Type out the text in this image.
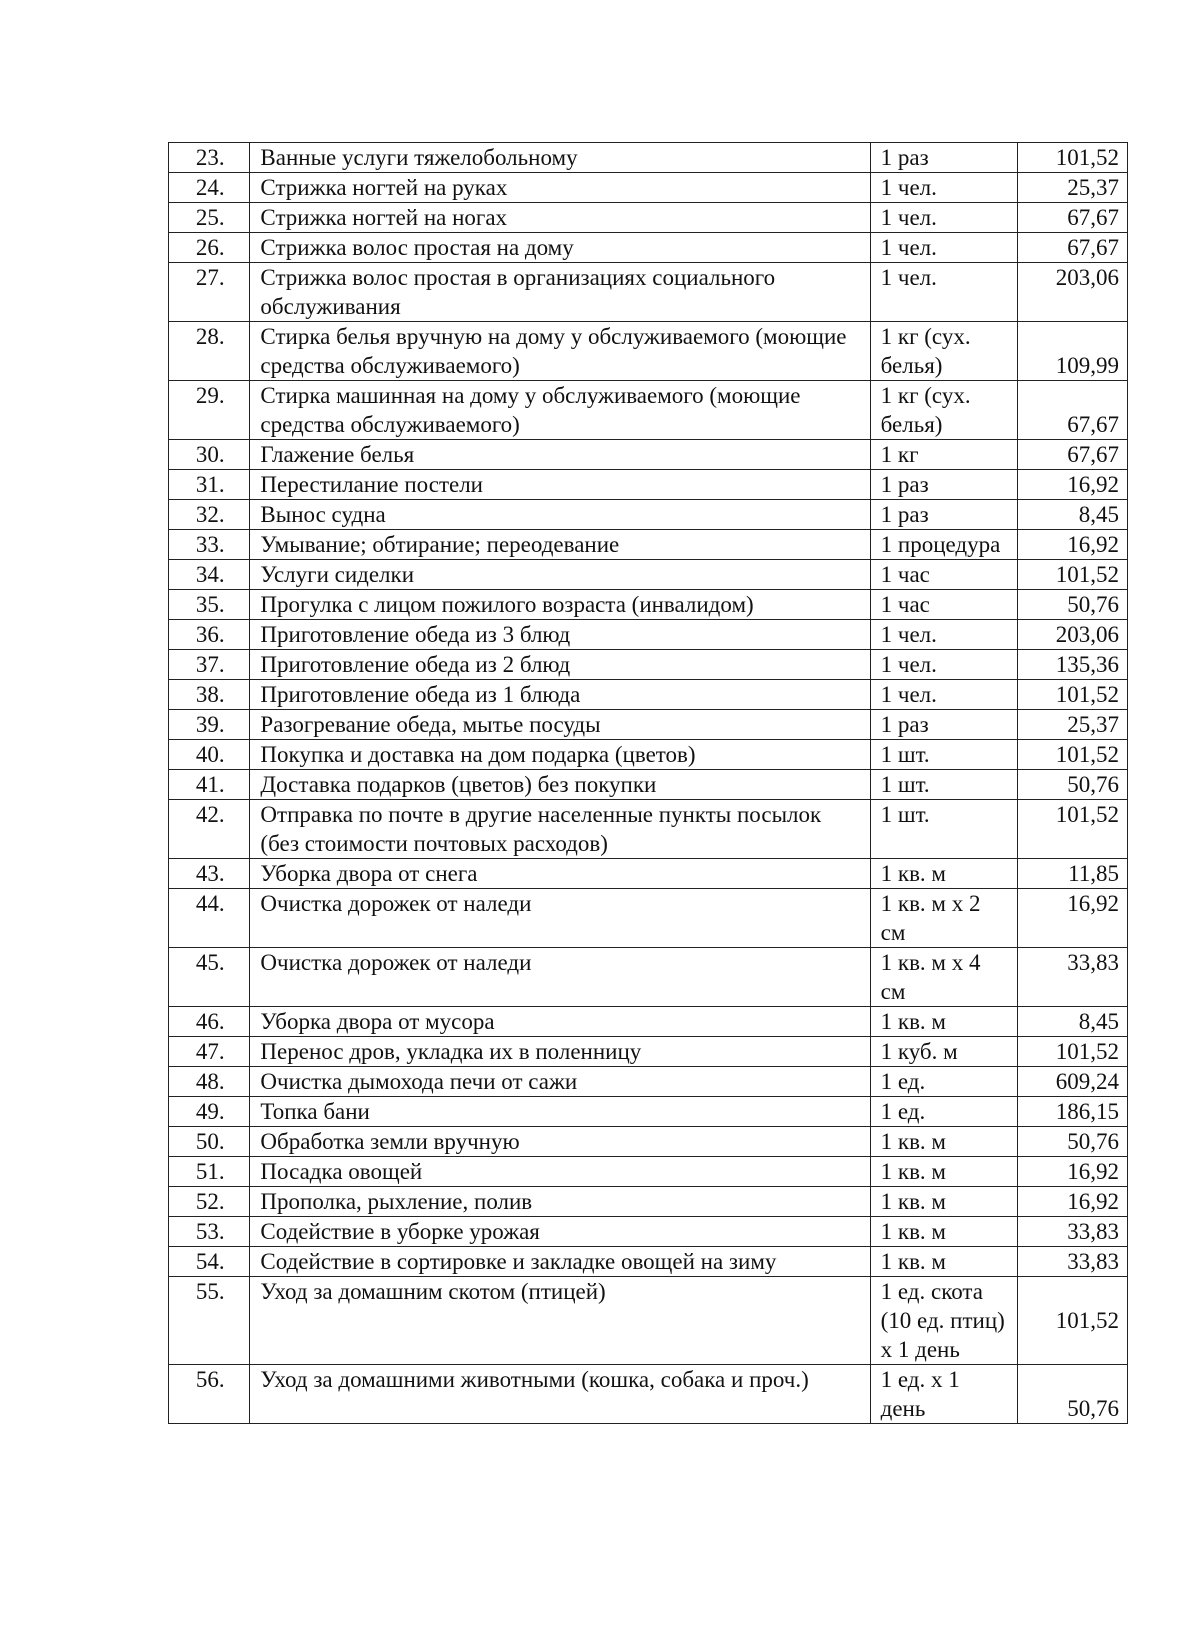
23.	Ванные услуги тяжелобольному	1 раз	101,52
24.	Стрижка ногтей на руках	1 чел.	25,37
25.	Стрижка ногтей на ногах	1 чел.	67,67
26.	Стрижка волос простая на дому	1 чел.	67,67
27.	Стрижка волос простая в организациях социального обслуживания	1 чел.	203,06
28.	Стирка белья вручную на дому у обслуживаемого (моющие средства обслуживаемого)	1 кг (сух. белья)	109,99
29.	Стирка машинная на дому у обслуживаемого (моющие средства обслуживаемого)	1 кг (сух. белья)	67,67
30.	Глажение белья	1 кг	67,67
31.	Перестилание постели	1 раз	16,92
32.	Вынос судна	1 раз	8,45
33.	Умывание; обтирание; переодевание	1 процедура	16,92
34.	Услуги сиделки	1 час	101,52
35.	Прогулка с лицом пожилого возраста (инвалидом)	1 час	50,76
36.	Приготовление обеда из 3 блюд	1 чел.	203,06
37.	Приготовление обеда из 2 блюд	1 чел.	135,36
38.	Приготовление обеда из 1 блюда	1 чел.	101,52
39.	Разогревание обеда, мытье посуды	1 раз	25,37
40.	Покупка и доставка на дом подарка (цветов)	1 шт.	101,52
41.	Доставка подарков (цветов) без покупки	1 шт.	50,76
42.	Отправка по почте в другие населенные пункты посылок (без стоимости почтовых расходов)	1 шт.	101,52
43.	Уборка двора от снега	1 кв. м	11,85
44.	Очистка дорожек от наледи	1 кв. м х 2 см	16,92
45.	Очистка дорожек от наледи	1 кв. м х 4 см	33,83
46.	Уборка двора от мусора	1 кв. м	8,45
47.	Перенос дров, укладка их в поленницу	1 куб. м	101,52
48.	Очистка дымохода печи от сажи	1 ед.	609,24
49.	Топка бани	1 ед.	186,15
50.	Обработка земли вручную	1 кв. м	50,76
51.	Посадка овощей	1 кв. м	16,92
52.	Прополка, рыхление, полив	1 кв. м	16,92
53.	Содействие в уборке урожая	1 кв. м	33,83
54.	Содействие в сортировке и закладке овощей на зиму	1 кв. м	33,83
55.	Уход за домашним скотом (птицей)	1 ед. скота (10 ед. птиц) х 1 день	101,52
56.	Уход за домашними животными (кошка, собака и проч.)	1 ед. х 1 день	50,76
